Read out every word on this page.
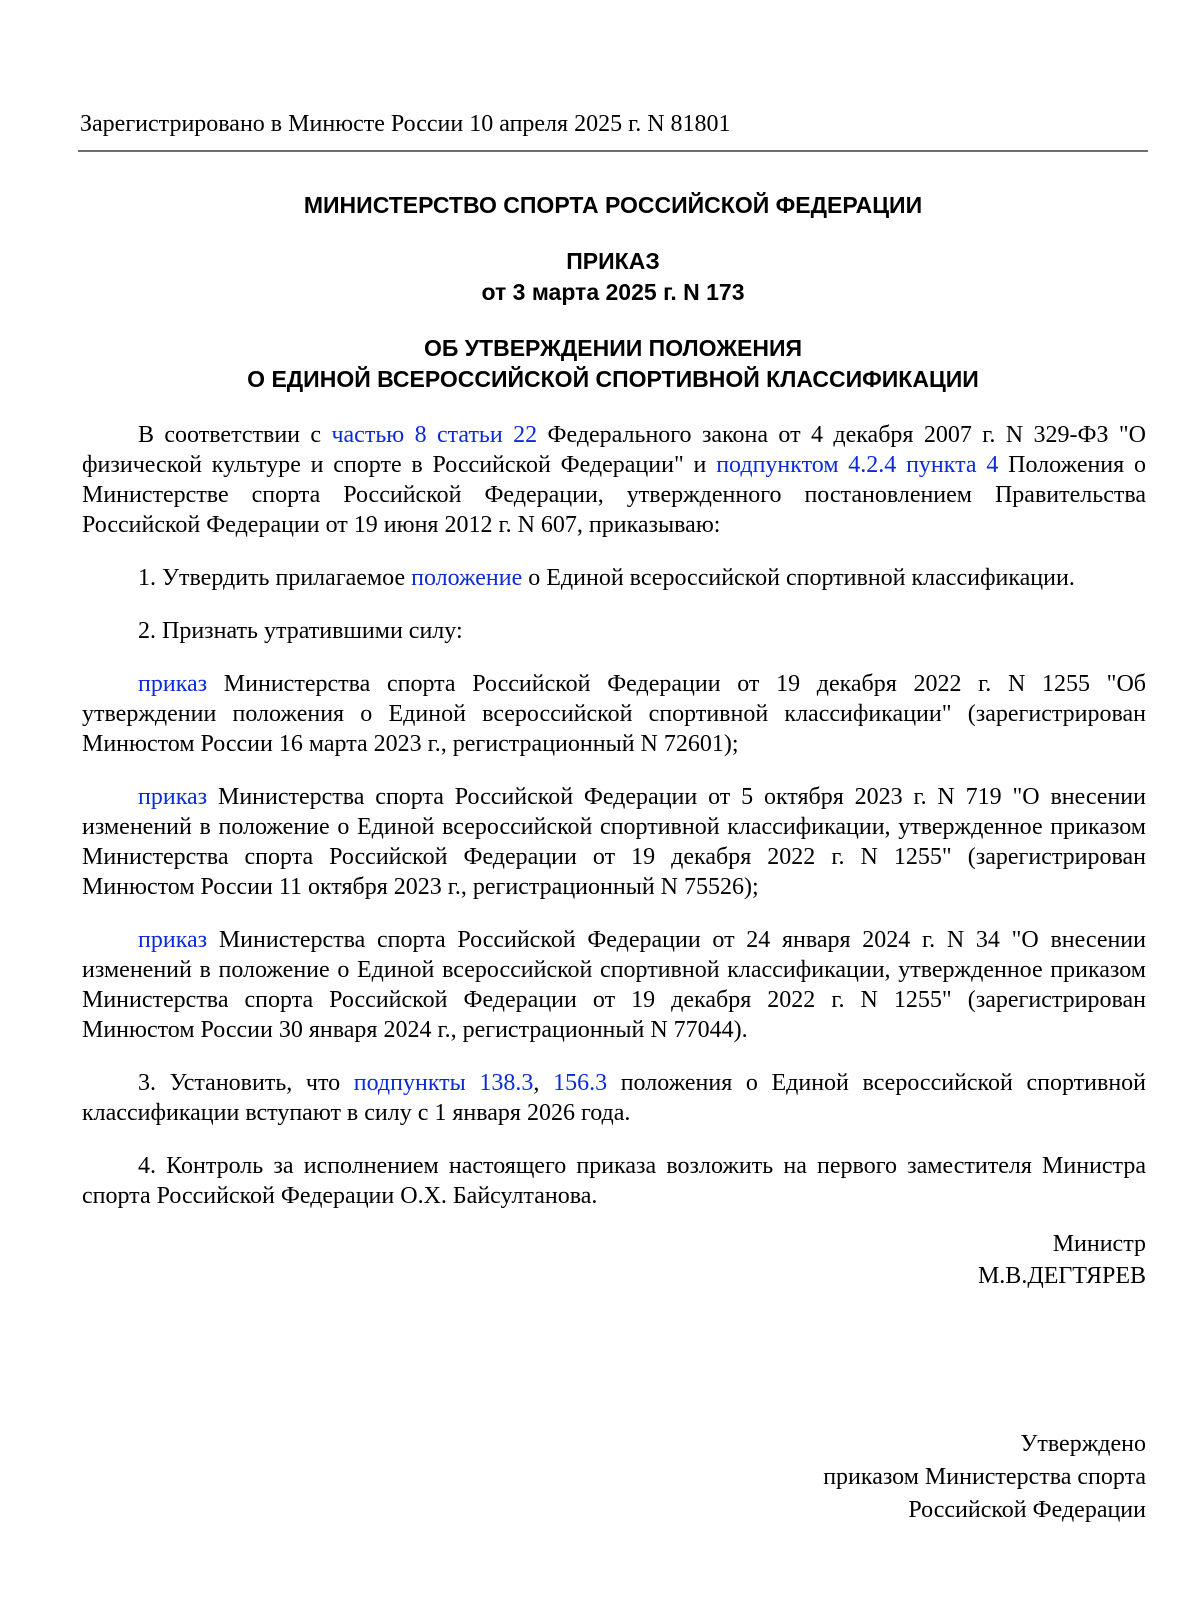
Зарегистрировано в Минюсте России 10 апреля 2025 г. N 81801
МИНИСТЕРСТВО СПОРТА РОССИЙСКОЙ ФЕДЕРАЦИИ
ПРИКАЗ
от 3 марта 2025 г. N 173
ОБ УТВЕРЖДЕНИИ ПОЛОЖЕНИЯ
О ЕДИНОЙ ВСЕРОССИЙСКОЙ СПОРТИВНОЙ КЛАССИФИКАЦИИ

В соответствии с частью 8 статьи 22 Федерального закона от 4 декабря 2007 г. N 329-ФЗ "О физической культуре и спорте в Российской Федерации" и подпунктом 4.2.4 пункта 4 Положения о Министерстве спорта Российской Федерации, утвержденного постановлением Правительства Российской Федерации от 19 июня 2012 г. N 607, приказываю:

1. Утвердить прилагаемое положение о Единой всероссийской спортивной классификации.

2. Признать утратившими силу:

приказ Министерства спорта Российской Федерации от 19 декабря 2022 г. N 1255 "Об утверждении положения о Единой всероссийской спортивной классификации" (зарегистрирован Минюстом России 16 марта 2023 г., регистрационный N 72601);

приказ Министерства спорта Российской Федерации от 5 октября 2023 г. N 719 "О внесении изменений в положение о Единой всероссийской спортивной классификации, утвержденное приказом Министерства спорта Российской Федерации от 19 декабря 2022 г. N 1255" (зарегистрирован Минюстом России 11 октября 2023 г., регистрационный N 75526);

приказ Министерства спорта Российской Федерации от 24 января 2024 г. N 34 "О внесении изменений в положение о Единой всероссийской спортивной классификации, утвержденное приказом Министерства спорта Российской Федерации от 19 декабря 2022 г. N 1255" (зарегистрирован Минюстом России 30 января 2024 г., регистрационный N 77044).

3. Установить, что подпункты 138.3, 156.3 положения о Единой всероссийской спортивной классификации вступают в силу с 1 января 2026 года.

4. Контроль за исполнением настоящего приказа возложить на первого заместителя Министра спорта Российской Федерации О.Х. Байсултанова.

Министр
М.В.ДЕГТЯРЕВ
Утверждено
приказом Министерства спорта
Российской Федерации
